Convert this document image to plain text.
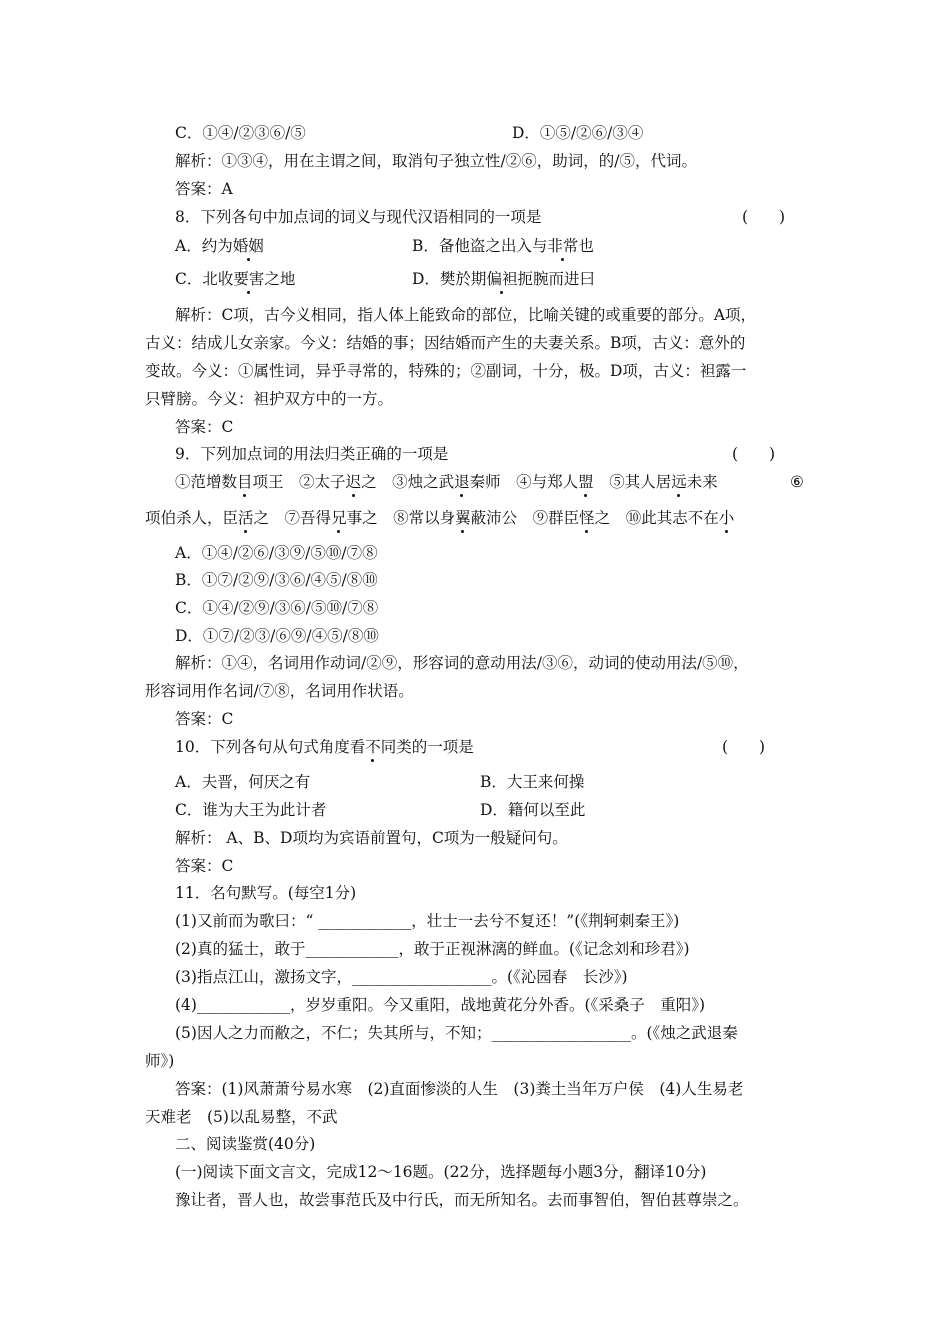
C．①④/②③⑥/⑤	D．①⑤/②⑥/③④
解析：①③④，用在主谓之间，取消句子独立性/②⑥，助词，的/⑤，代词。
答案：A
8．下列各句中加点词的词义与现代汉语相同的一项是	(　　)
A．约为婚姻	B．备他盗之出入与非常也
C．北收要害之地	D．樊於期偏袒扼腕而进曰
解析：C项，古今义相同，指人体上能致命的部位，比喻关键的或重要的部分。A项，
古义：结成儿女亲家。今义：结婚的事；因结婚而产生的夫妻关系。B项，古义：意外的
变故。今义：①属性词，异乎寻常的，特殊的；②副词，十分，极。D项，古义：袒露一
只臂膀。今义：袒护双方中的一方。
答案：C
9．下列加点词的用法归类正确的一项是	(　　)
①范增数目项王　②太子迟之　③烛之武退秦师　④与郑人盟　 ⑤其人居远未来　	⑥
项伯杀人，臣活之　⑦吾得兄事之　⑧常以身翼蔽沛公　⑨群臣怪之　⑩此其志不在小
A．①④/②⑥/③⑨/⑤⑩/⑦⑧
B．①⑦/②⑨/③⑥/④⑤/⑧⑩
C．①④/②⑨/③⑥/⑤⑩/⑦⑧
D．①⑦/②③/⑥⑨/④⑤/⑧⑩
解析：①④，名词用作动词/②⑨，形容词的意动用法/③⑥，动词的使动用法/⑤⑩，
形容词用作名词/⑦⑧，名词用作状语。
答案：C
10．下列各句从句式角度看不同类的一项是	(　　)
A．夫晋，何厌之有	B．大王来何操
C．谁为大王为此计者	D．籍何以至此
解析： A、B、D项均为宾语前置句，C项为一般疑问句。
答案：C
11．名句默写。(每空1分)
(1)又前而为歌曰：“ ____________，壮士一去兮不复还！”(《荆轲刺秦王》)
(2)真的猛士，敢于____________，敢于正视淋漓的鲜血。(《记念刘和珍君》)
(3)指点江山，激扬文字，__________________。(《沁园春　长沙》)
(4)____________，岁岁重阳。今又重阳，战地黄花分外香。(《采桑子　重阳》)
(5)因人之力而敝之，不仁；失其所与，不知；__________________。(《烛之武退秦
师》)
答案：(1)风萧萧兮易水寒　(2)直面惨淡的人生　(3)粪土当年万户侯　(4)人生易老
天难老　(5)以乱易整，不武
二、阅读鉴赏(40分)
(一)阅读下面文言文，完成12～16题。(22分，选择题每小题3分，翻译10分)
豫让者，晋人也，故尝事范氏及中行氏，而无所知名。去而事智伯，智伯甚尊崇之。
